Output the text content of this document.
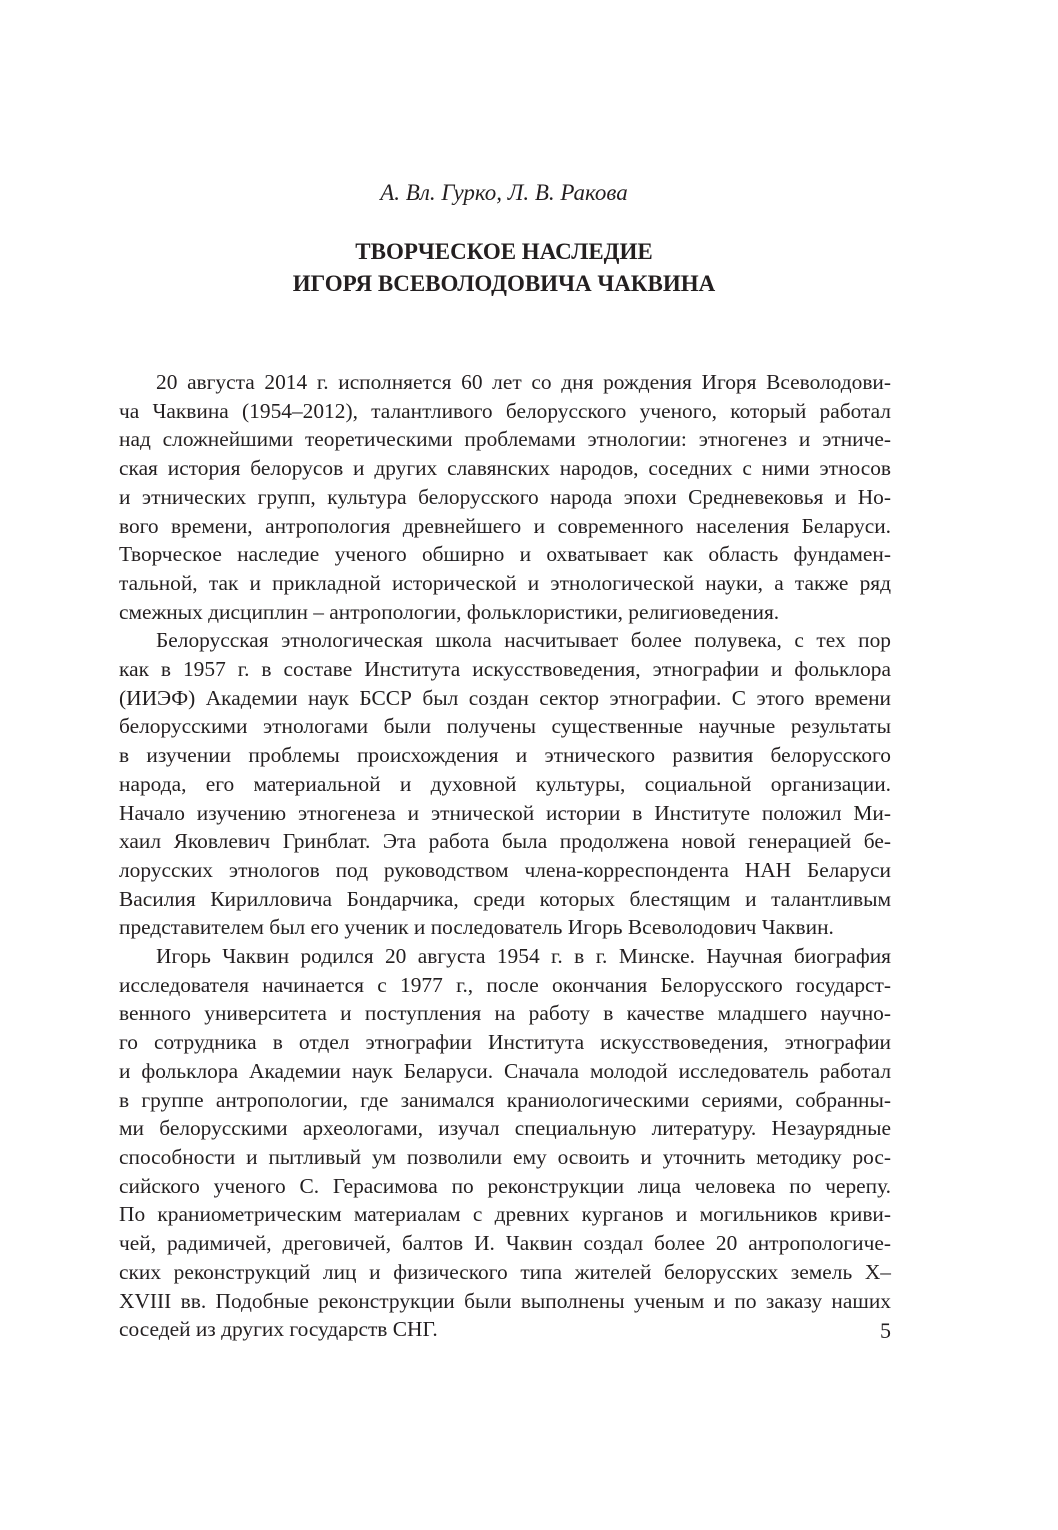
А. Вл. Гурко, Л. В. Ракова

ТВОРЧЕСКОЕ НАСЛЕДИЕ
ИГОРЯ ВСЕВОЛОДОВИЧА ЧАКВИНА

20 августа 2014 г. исполняется 60 лет со дня рождения Игоря Всеволодови-
ча Чаквина (1954–2012), талантливого белорусского ученого, который работал
над сложнейшими теоретическими проблемами этнологии: этногенез и этниче-
ская история белорусов и других славянских народов, соседних с ними этносов
и этнических групп, культура белорусского народа эпохи Средневековья и Но-
вого времени, антропология древнейшего и современного населения Беларуси.
Творческое наследие ученого обширно и охватывает как область фундамен-
тальной, так и прикладной исторической и этнологической науки, а также ряд
смежных дисциплин – антропологии, фольклористики, религиоведения.

Белорусская этнологическая школа насчитывает более полувека, с тех пор
как в 1957 г. в составе Института искусствоведения, этнографии и фольклора
(ИИЭФ) Академии наук БССР был создан сектор этнографии. С этого времени
белорусскими этнологами были получены существенные научные результаты
в изучении проблемы происхождения и этнического развития белорусского
народа, его материальной и духовной культуры, социальной организации.
Начало изучению этногенеза и этнической истории в Институте положил Ми-
хаил Яковлевич Гринблат. Эта работа была продолжена новой генерацией бе-
лорусских этнологов под руководством члена-корреспондента НАН Беларуси
Василия Кирилловича Бондарчика, среди которых блестящим и талантливым
представителем был его ученик и последователь Игорь Всеволодович Чаквин.

Игорь Чаквин родился 20 августа 1954 г. в г. Минске. Научная биография
исследователя начинается с 1977 г., после окончания Белорусского государст-
венного университета и поступления на работу в качестве младшего научно-
го сотрудника в отдел этнографии Института искусствоведения, этнографии
и фольклора Академии наук Беларуси. Сначала молодой исследователь работал
в группе антропологии, где занимался краниологическими сериями, собранны-
ми белорусскими археологами, изучал специальную литературу. Незаурядные
способности и пытливый ум позволили ему освоить и уточнить методику рос-
сийского ученого С. Герасимова по реконструкции лица человека по черепу.
По краниометрическим материалам с древних курганов и могильников криви-
чей, радимичей, дреговичей, балтов И. Чаквин создал более 20 антропологиче-
ских реконструкций лиц и физического типа жителей белорусских земель X–
XVIII вв. Подобные реконструкции были выполнены ученым и по заказу наших
соседей из других государств СНГ.	5
